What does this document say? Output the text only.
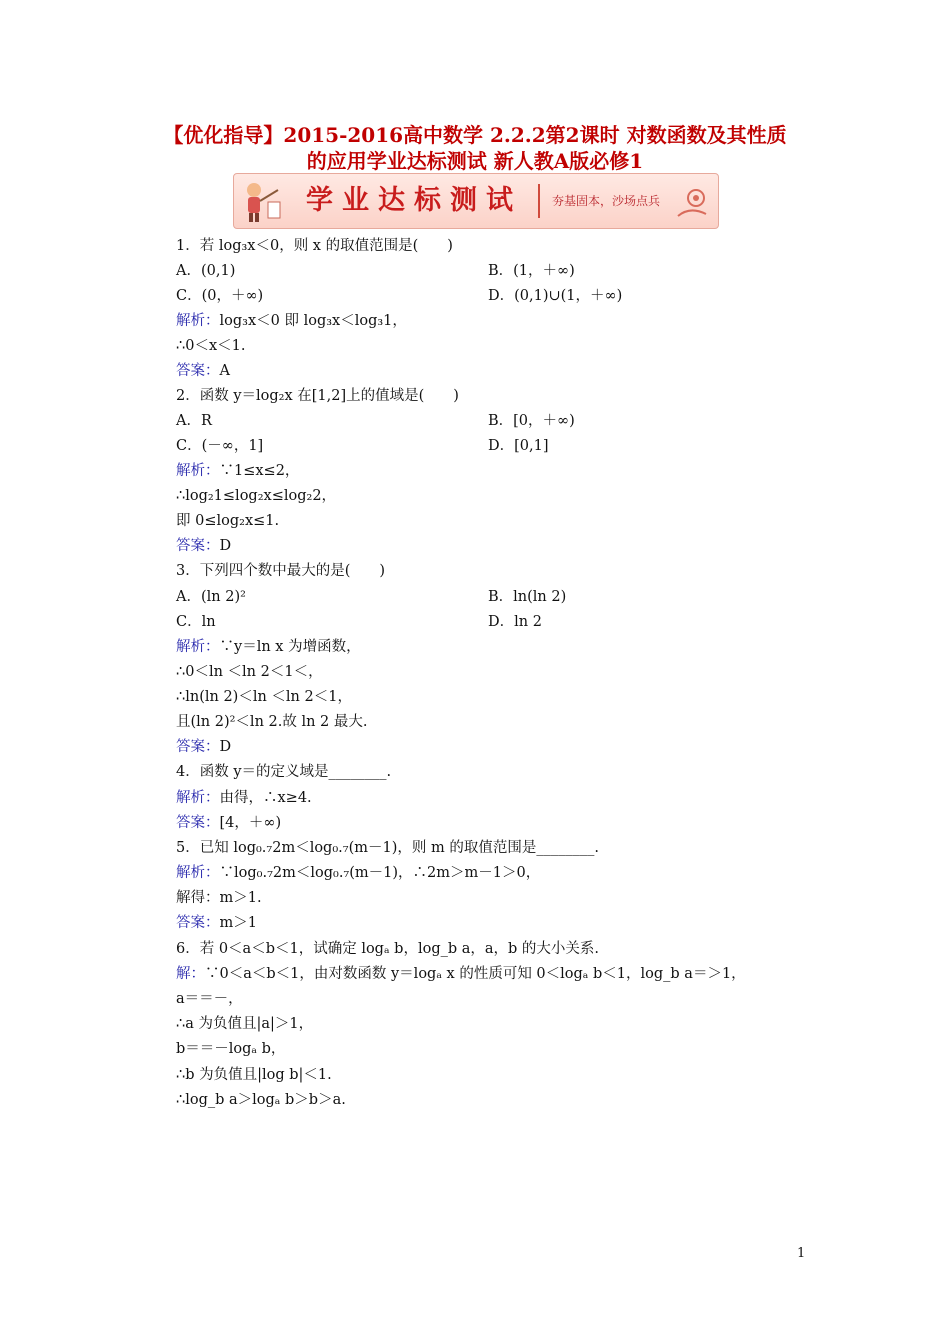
【优化指导】2015-2016高中数学 2.2.2第2课时 对数函数及其性质
的应用学业达标测试 新人教A版必修1
学业达标测试	夯基固本，沙场点兵
1．若 log₃x＜0，则 x 的取值范围是(　　)
A．(0,1)	B．(1，＋∞)
C．(0，＋∞)	D．(0,1)∪(1，＋∞)
解析：log₃x＜0 即 log₃x＜log₃1，
∴0＜x＜1.
答案：A
2．函数 y＝log₂x 在[1,2]上的值域是(　　)
A．R	B．[0，＋∞)
C．(－∞，1]	D．[0,1]
解析：∵1≤x≤2，
∴log₂1≤log₂x≤log₂2，
即 0≤log₂x≤1.
答案：D
3．下列四个数中最大的是(　　)
A．(ln 2)²	B．ln(ln 2)
C．ln	D．ln 2
解析：∵y＝ln x 为增函数，
∴0＜ln ＜ln 2＜1＜，
∴ln(ln 2)＜ln ＜ln 2＜1，
且(ln 2)²＜ln 2.故 ln 2 最大.
答案：D
4．函数 y＝的定义域是________.
解析：由得，∴x≥4.
答案：[4，＋∞)
5．已知 log₀.₇2m＜log₀.₇(m－1)，则 m 的取值范围是________.
解析：∵log₀.₇2m＜log₀.₇(m－1)，∴2m＞m－1＞0，
解得：m＞1.
答案：m＞1
6．若 0＜a＜b＜1，试确定 logₐ b，log_b a，a，b 的大小关系.
解：∵0＜a＜b＜1，由对数函数 y＝logₐ x 的性质可知 0＜logₐ b＜1，log_b a＝＞1，
a＝＝－，
∴a 为负值且|a|＞1，
b＝＝－logₐ b，
∴b 为负值且|log b|＜1.
∴log_b a＞logₐ b＞b＞a.
1
